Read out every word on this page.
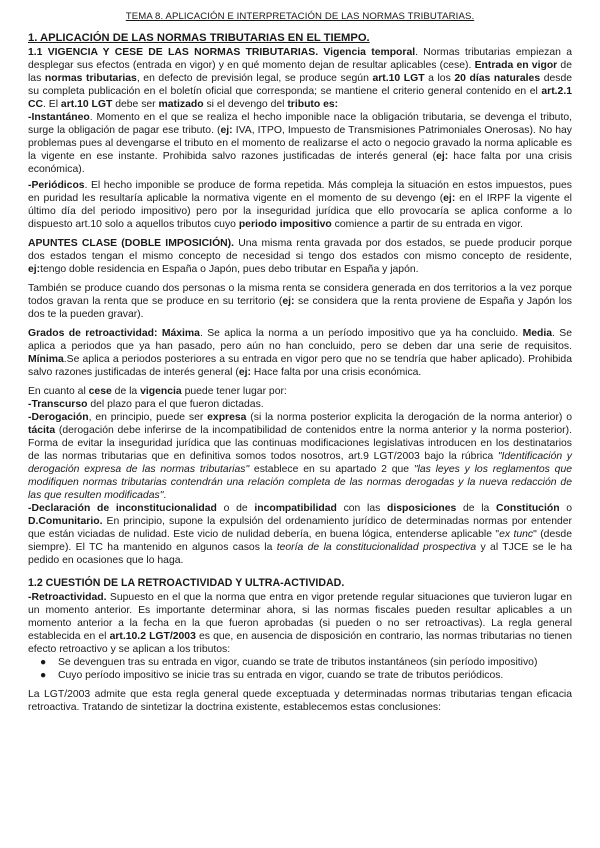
TEMA 8. APLICACIÓN E INTERPRETACIÓN DE LAS NORMAS TRIBUTARIAS.
1. APLICACIÓN DE LAS NORMAS TRIBUTARIAS EN EL TIEMPO.

1.1 VIGENCIA Y CESE DE LAS NORMAS TRIBUTARIAS. Vigencia temporal. Normas tributarias empiezan a desplegar sus efectos (entrada en vigor) y en qué momento dejan de resultar aplicables (cese). Entrada en vigor de las normas tributarias, en defecto de previsión legal, se produce según art.10 LGT a los 20 días naturales desde su completa publicación en el boletín oficial que corresponda; se mantiene el criterio general contenido en el art.2.1 CC. El art.10 LGT debe ser matizado si el devengo del tributo es:

-Instantáneo. Momento en el que se realiza el hecho imponible nace la obligación tributaria, se devenga el tributo, surge la obligación de pagar ese tributo. (ej: IVA, ITPO, Impuesto de Transmisiones Patrimoniales Onerosas). No hay problemas pues al devengarse el tributo en el momento de realizarse el acto o negocio gravado la norma aplicable es la vigente en ese instante. Prohibida salvo razones justificadas de interés general (ej: hace falta por una crisis económica).

-Periódicos. El hecho imponible se produce de forma repetida. Más compleja la situación en estos impuestos, pues en puridad les resultaría aplicable la normativa vigente en el momento de su devengo (ej: en el IRPF la vigente el último día del periodo impositivo) pero por la inseguridad jurídica que ello provocaría se aplica conforme a lo dispuesto art.10 solo a aquellos tributos cuyo periodo impositivo comience a partir de su entrada en vigor.

APUNTES CLASE (DOBLE IMPOSICIÓN). Una misma renta gravada por dos estados, se puede producir porque dos estados tengan el mismo concepto de necesidad si tengo dos estados con mismo concepto de residente, ej:tengo doble residencia en España o Japón, pues debo tributar en España y japón.

También se produce cuando dos personas o la misma renta se considera generada en dos territorios a la vez porque todos gravan la renta que se produce en su territorio (ej: se considera que la renta proviene de España y Japón los dos te la pueden gravar).

Grados de retroactividad: Máxima. Se aplica la norma a un período impositivo que ya ha concluido. Media. Se aplica a periodos que ya han pasado, pero aún no han concluido, pero se deben dar una serie de requisitos. Mínima.Se aplica a periodos posteriores a su entrada en vigor pero que no se tendría que haber aplicado). Prohibida salvo razones justificadas de interés general (ej: Hace falta por una crisis económica.

En cuanto al cese de la vigencia puede tener lugar por:

-Transcurso del plazo para el que fueron dictadas.

-Derogación, en principio, puede ser expresa (si la norma posterior explicita la derogación de la norma anterior) o tácita (derogación debe inferirse de la incompatibilidad de contenidos entre la norma anterior y la norma posterior). Forma de evitar la inseguridad jurídica que las continuas modificaciones legislativas introducen en los destinatarios de las normas tributarias que en definitiva somos todos nosotros, art.9 LGT/2003 bajo la rúbrica "Identificación y derogación expresa de las normas tributarias" establece en su apartado 2 que "las leyes y los reglamentos que modifiquen normas tributarias contendrán una relación completa de las normas derogadas y la nueva redacción de las que resulten modificadas".

-Declaración de inconstitucionalidad o de incompatibilidad con las disposiciones de la Constitución o D.Comunitario. En principio, supone la expulsión del ordenamiento jurídico de determinadas normas por entender que están viciadas de nulidad. Este vicio de nulidad debería, en buena lógica, entenderse aplicable "ex tunc" (desde siempre). El TC ha mantenido en algunos casos la teoría de la constitucionalidad prospectiva y al TJCE se le ha pedido en ocasiones que lo haga.

1.2 CUESTIÓN DE LA RETROACTIVIDAD Y ULTRA-ACTIVIDAD.

-Retroactividad. Supuesto en el que la norma que entra en vigor pretende regular situaciones que tuvieron lugar en un momento anterior. Es importante determinar ahora, si las normas fiscales pueden resultar aplicables a un momento anterior a la fecha en la que fueron aprobadas (si pueden o no ser retroactivas). La regla general establecida en el art.10.2 LGT/2003 es que, en ausencia de disposición en contrario, las normas tributarias no tienen efecto retroactivo y se aplican a los tributos:

● Se devenguen tras su entrada en vigor, cuando se trate de tributos instantáneos (sin período impositivo)
● Cuyo período impositivo se inicie tras su entrada en vigor, cuando se trate de tributos periódicos.

La LGT/2003 admite que esta regla general quede exceptuada y determinadas normas tributarias tengan eficacia retroactiva. Tratando de sintetizar la doctrina existente, establecemos estas conclusiones:
